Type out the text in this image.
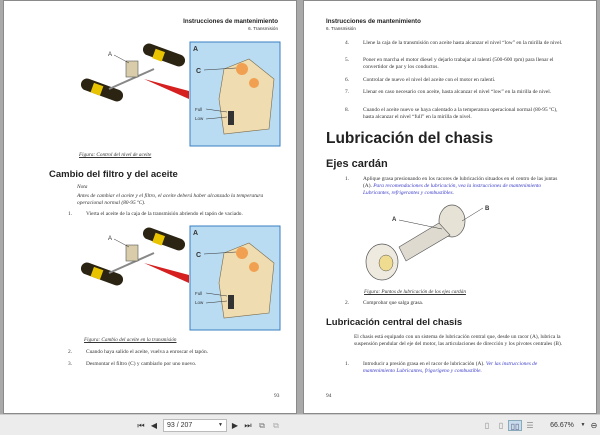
Instrucciones de mantenimiento
6. Transmisión
A
A
C
Full
Low
Figura: Control del nivel de aceite
Cambio del filtro y del aceite
Nota
Antes de cambiar el aceite y el filtro, el aceite deberá haber alcanzado la temperatura operacional normal (80-95 ºC).
1.	Vierta el aceite de la caja de la transmisión abriendo el tapón de vaciado.
A
A
C
Full
Low
Figura: Cambio del aceite en la transmisión
2.	Cuando haya salido el aceite, vuelva a enroscar el tapón.
3.	Desmontar el filtro (C) y cambiarlo por uno nuevo.
93
Instrucciones de mantenimiento
6. Transmisión
4.	Llene la caja de la transmisión con aceite hasta alcanzar el nivel “low” en la mirilla de nivel.
5.	Poner en marcha el motor diesel y dejarlo trabajar al ralentí (500-600 rpm) para llenar el convertidor de par y los conductos.
6.	Controlar de nuevo el nivel del aceite con el motor en ralentí.
7.	Llenar en caso necesario con aceite, hasta alcanzar el nivel “low” en la mirilla de nivel.
8.	Cuando el aceite nuevo se haya calentado a la temperatura operacional normal (80-95 ºC), hasta alcanzar el nivel “full” en la mirilla de nivel.
Lubricación del chasis
Ejes cardán
1.	Aplique grasa presionando en los racores de lubricación situados en el centro de las juntas (A). Para recomendaciones de lubricación, vea la instrucciones de mantenimiento Lubricantes, refrigerantes y combustibles.
A
B
Figura: Puntos de lubricación de los ejes cardán
2.	Comprobar que salga grasa.
Lubricación central del chasis
El chasis está equipado con un sistema de lubricación central que, desde un racor (A), lubrica la suspensión pendular del eje del motor, las articulaciones de dirección y los pivotes centrales (B).
1.	Introducir a presión grasa en el racor de lubricación (A). Ver las instrucciones de mantenimiento Lubricantes, frigorígeno y combustible.
94
⏮ ◀	93 / 207	▼ ▶ ⏭ ⧉ ⧉	▯	▯ ▯▯ ☰	66.67%	▼ ⊖
